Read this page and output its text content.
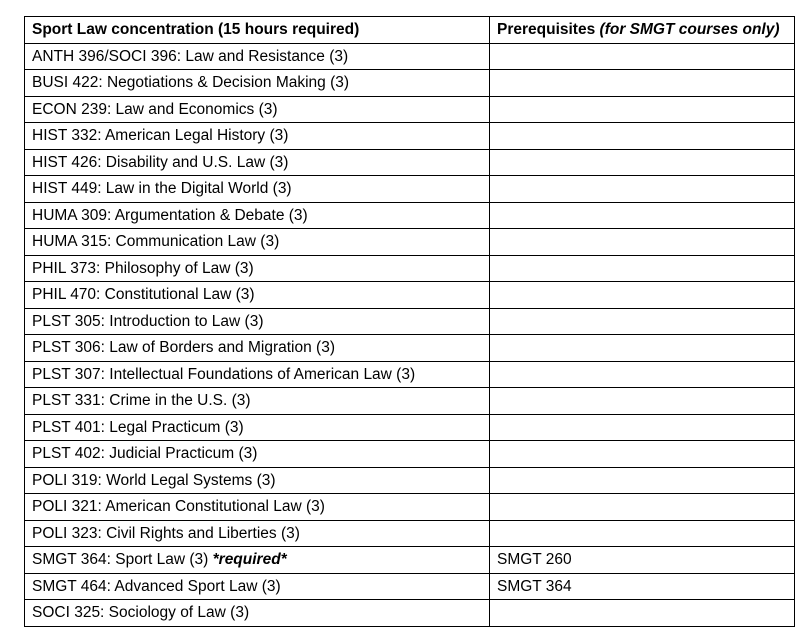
Sport Law concentration (15 hours required)	Prerequisites (for SMGT courses only)
ANTH 396/SOCI 396: Law and Resistance (3)	
BUSI 422: Negotiations & Decision Making (3)	
ECON 239: Law and Economics (3)	
HIST 332: American Legal History (3)	
HIST 426: Disability and U.S. Law (3)	
HIST 449: Law in the Digital World (3)	
HUMA 309: Argumentation & Debate (3)	
HUMA 315: Communication Law (3)	
PHIL 373: Philosophy of Law (3)	
PHIL 470: Constitutional Law (3)	
PLST 305: Introduction to Law (3)	
PLST 306: Law of Borders and Migration (3)	
PLST 307: Intellectual Foundations of American Law (3)	
PLST 331: Crime in the U.S. (3)	
PLST 401: Legal Practicum (3)	
PLST 402: Judicial Practicum (3)	
POLI 319: World Legal Systems (3)	
POLI 321: American Constitutional Law (3)	
POLI 323: Civil Rights and Liberties (3)	
SMGT 364: Sport Law (3) *required*	SMGT 260
SMGT 464: Advanced Sport Law (3)	SMGT 364
SOCI 325: Sociology of Law (3)	
